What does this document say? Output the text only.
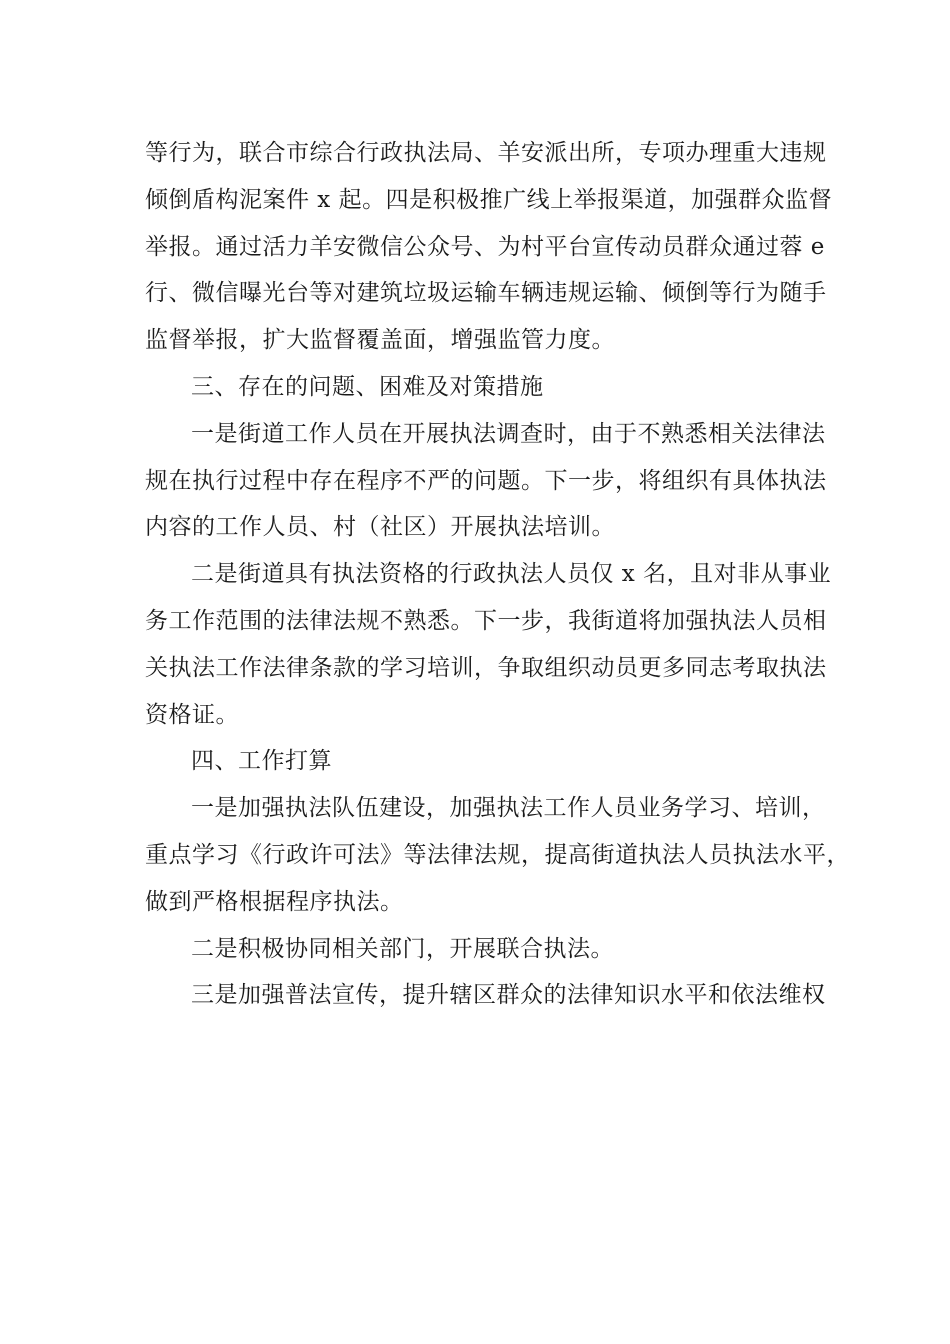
等行为，联合市综合行政执法局、羊安派出所，专项办理重大违规
倾倒盾构泥案件 x 起。四是积极推广线上举报渠道，加强群众监督
举报。通过活力羊安微信公众号、为村平台宣传动员群众通过蓉 e
行、微信曝光台等对建筑垃圾运输车辆违规运输、倾倒等行为随手
监督举报，扩大监督覆盖面，增强监管力度。
三、存在的问题、困难及对策措施
一是街道工作人员在开展执法调查时，由于不熟悉相关法律法
规在执行过程中存在程序不严的问题。下一步，将组织有具体执法
内容的工作人员、村（社区）开展执法培训。
二是街道具有执法资格的行政执法人员仅 x 名，且对非从事业
务工作范围的法律法规不熟悉。下一步，我街道将加强执法人员相
关执法工作法律条款的学习培训，争取组织动员更多同志考取执法
资格证。
四、工作打算
一是加强执法队伍建设，加强执法工作人员业务学习、培训，
重点学习《行政许可法》等法律法规，提高街道执法人员执法水平，
做到严格根据程序执法。
二是积极协同相关部门，开展联合执法。
三是加强普法宣传，提升辖区群众的法律知识水平和依法维权
